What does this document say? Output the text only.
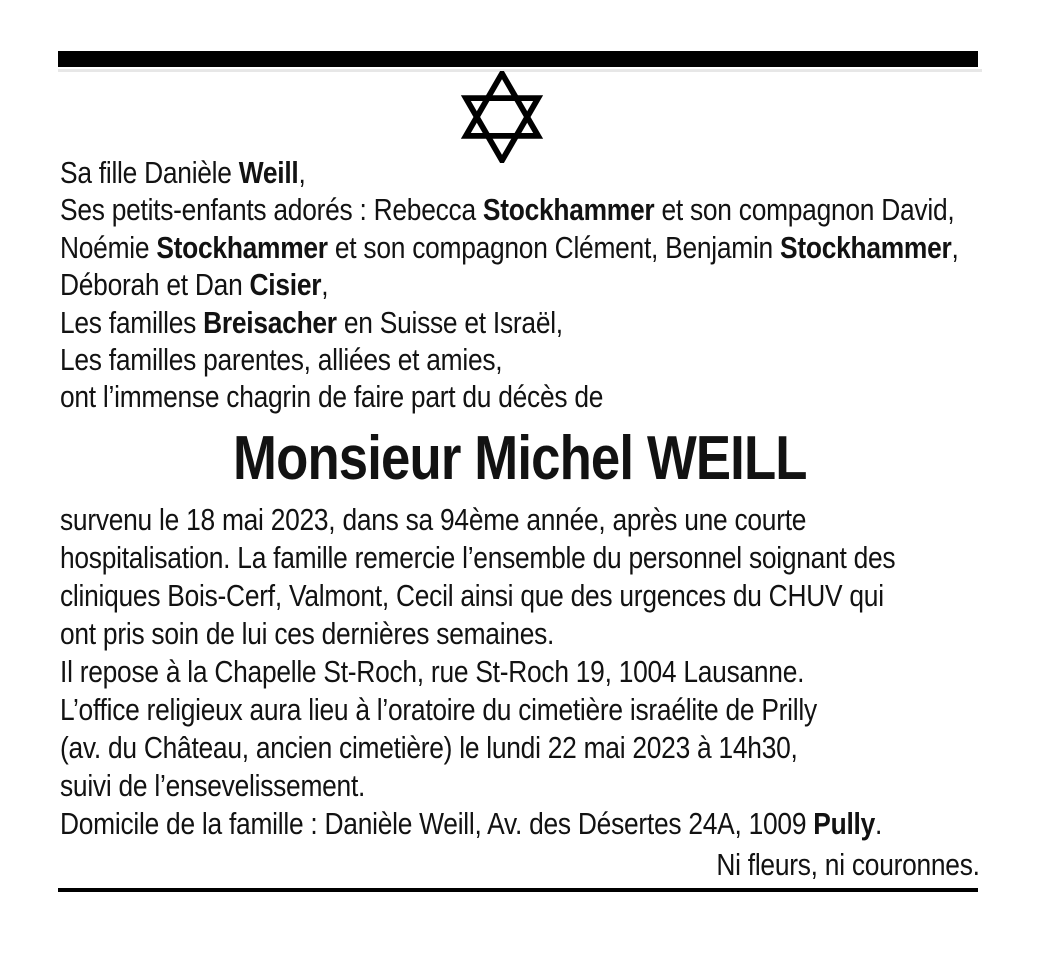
Sa fille Danièle Weill,
Ses petits-enfants adorés : Rebecca Stockhammer et son compagnon David,
Noémie Stockhammer et son compagnon Clément, Benjamin Stockhammer,
Déborah et Dan Cisier,
Les familles Breisacher en Suisse et Israël,
Les familles parentes, alliées et amies,
ont l’immense chagrin de faire part du décès de
Monsieur Michel WEILL
survenu le 18 mai 2023, dans sa 94ème année, après une courte
hospitalisation. La famille remercie l’ensemble du personnel soignant des
cliniques Bois-Cerf, Valmont, Cecil ainsi que des urgences du CHUV qui
ont pris soin de lui ces dernières semaines.
Il repose à la Chapelle St-Roch, rue St-Roch 19, 1004 Lausanne.
L’office religieux aura lieu à l’oratoire du cimetière israélite de Prilly
(av. du Château, ancien cimetière) le lundi 22 mai 2023 à 14h30,
suivi de l’ensevelissement.
Domicile de la famille : Danièle Weill, Av. des Désertes 24A, 1009 Pully.
Ni fleurs, ni couronnes.
